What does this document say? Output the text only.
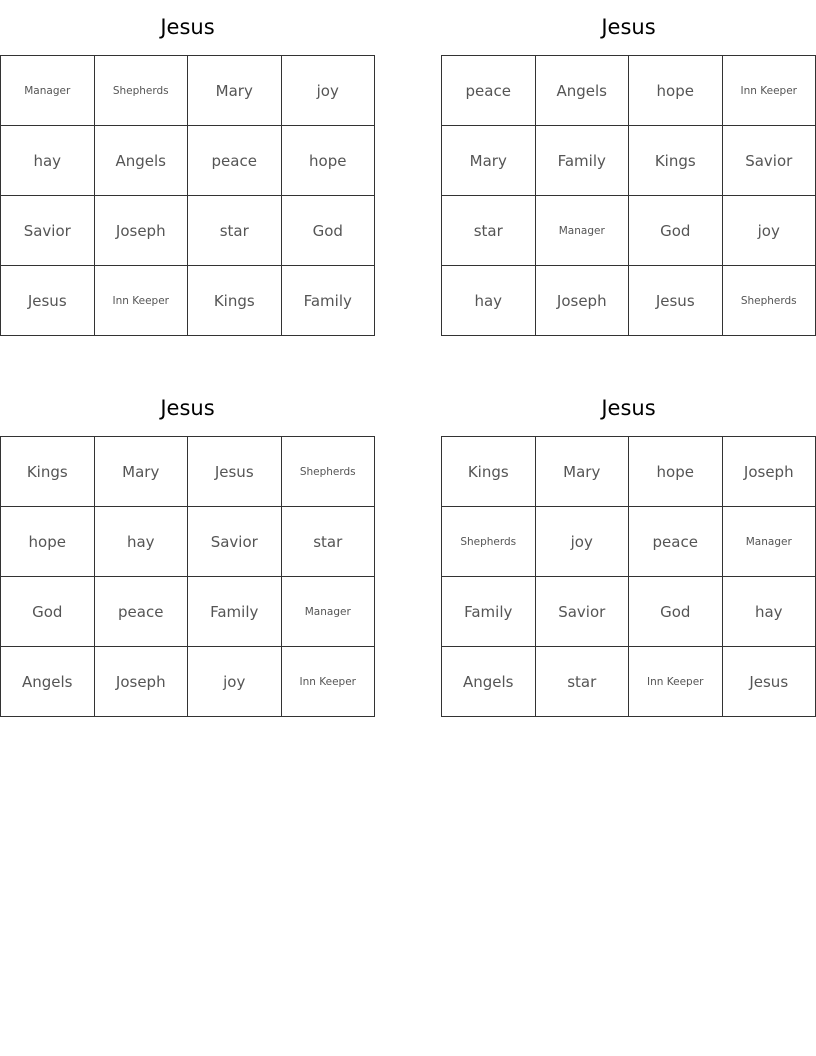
Jesus
Manager	Shepherds	Mary	joy
hay	Angels	peace	hope
Savior	Joseph	star	God
Jesus	Inn Keeper	Kings	Family
Jesus
peace	Angels	hope	Inn Keeper
Mary	Family	Kings	Savior
star	Manager	God	joy
hay	Joseph	Jesus	Shepherds
Jesus
Kings	Mary	Jesus	Shepherds
hope	hay	Savior	star
God	peace	Family	Manager
Angels	Joseph	joy	Inn Keeper
Jesus
Kings	Mary	hope	Joseph
Shepherds	joy	peace	Manager
Family	Savior	God	hay
Angels	star	Inn Keeper	Jesus
